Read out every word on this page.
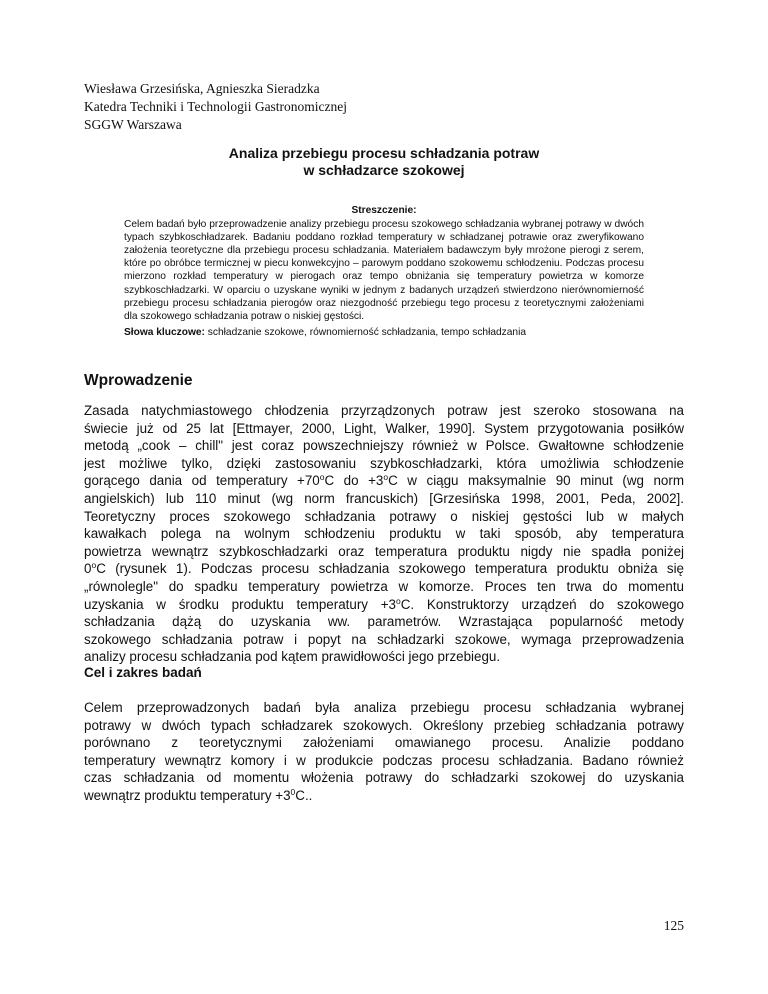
Wiesława Grzesińska, Agnieszka Sieradzka
Katedra Techniki i Technologii Gastronomicznej
SGGW Warszawa
Analiza przebiegu procesu schładzania potraw
w schładzarce szokowej
Streszczenie:
Celem badań było przeprowadzenie analizy przebiegu procesu szokowego schładzania wybranej potrawy w dwóch typach szybkoschładzarek. Badaniu poddano rozkład temperatury w schładzanej potrawie oraz zweryfikowano założenia teoretyczne dla przebiegu procesu schładzania. Materiałem badawczym były mrożone pierogi z serem, które po obróbce termicznej w piecu konwekcyjno – parowym poddano szokowemu schłodzeniu. Podczas procesu mierzono rozkład temperatury w pierogach oraz tempo obniżania się temperatury powietrza w komorze szybkoschładzarki. W oparciu o uzyskane wyniki w jednym z badanych urządzeń stwierdzono nierównomierność przebiegu procesu schładzania pierogów oraz niezgodność przebiegu tego procesu z teoretycznymi założeniami dla szokowego schładzania potraw o niskiej gęstości.
Słowa kluczowe: schładzanie szokowe, równomierność schładzania, tempo schładzania
Wprowadzenie
Zasada natychmiastowego chłodzenia przyrządzonych potraw jest szeroko stosowana na
świecie już od 25 lat [Ettmayer, 2000, Light, Walker, 1990]. System przygotowania posiłków
metodą „cook – chill" jest coraz powszechniejszy również w Polsce. Gwałtowne schłodzenie
jest możliwe tylko, dzięki zastosowaniu szybkoschładzarki, która umożliwia schłodzenie
gorącego dania od temperatury $+70^oC$ do $+3^oC$ w ciągu maksymalnie 90 minut (wg norm
angielskich) lub 110 minut (wg norm francuskich) [Grzesińska 1998, 2001, Peda, 2002].
Teoretyczny proces szokowego schładzania potrawy o niskiej gęstości lub w małych
kawałkach polega na wolnym schłodzeniu produktu w taki sposób, aby temperatura
powietrza wewnątrz szybkoschładzarki oraz temperatura produktu nigdy nie spadła poniżej
0$^o$C (rysunek 1). Podczas procesu schładzania szokowego temperatura produktu obniża się
„równolegle" do spadku temperatury powietrza w komorze. Proces ten trwa do momentu
uzyskania w środku produktu temperatury $+3^oC$. Konstruktorzy urządzeń do szokowego
schładzania dążą do uzyskania ww. parametrów. Wzrastająca popularność metody
szokowego schładzania potraw i popyt na schładzarki szokowe, wymaga przeprowadzenia
analizy procesu schładzania pod kątem prawidłowości jego przebiegu.
Cel i zakres badań
Celem przeprowadzonych badań była analiza przebiegu procesu schładzania wybranej
potrawy w dwóch typach schładzarek szokowych. Określony przebieg schładzania potrawy
porównano z teoretycznymi założeniami omawianego procesu. Analizie poddano
temperatury wewnątrz komory i w produkcie podczas procesu schładzania. Badano również
czas schładzania od momentu włożenia potrawy do schładzarki szokowej do uzyskania
wewnątrz produktu temperatury $+3^0C$..
125
